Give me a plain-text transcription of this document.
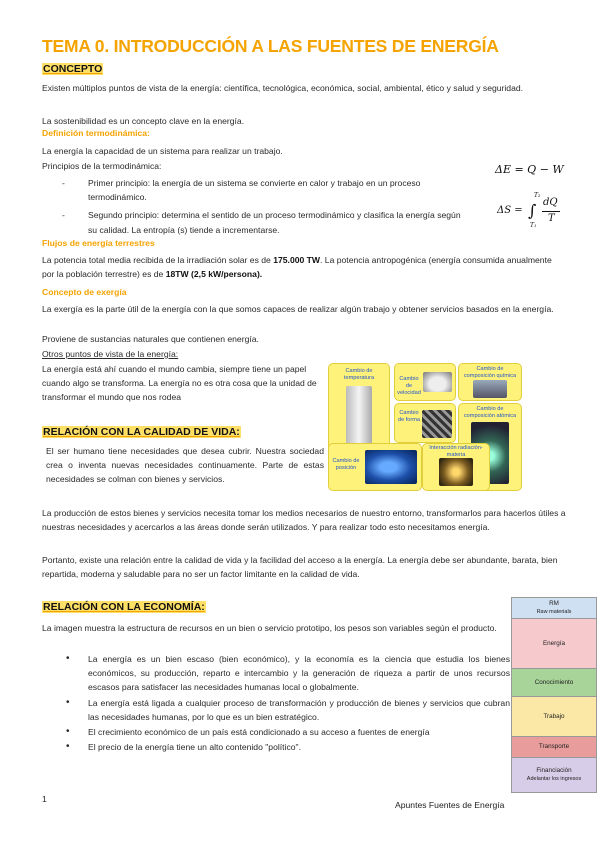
TEMA 0. INTRODUCCIÓN A LAS FUENTES DE ENERGÍA
CONCEPTO
Existen múltiplos puntos de vista de la energía: científica, tecnológica, económica, social, ambiental, ético y salud y seguridad.
La sostenibilidad es un concepto clave en la energía.
Definición termodinámica:
La energía la capacidad de un sistema para realizar un trabajo.
Principios de la termodinámica:
- Primer principio: la energía de un sistema se convierte en calor y trabajo en un proceso termodinámico.
- Segundo principio: determina el sentido de un proceso termodinámico y clasifica la energía según su calidad. La entropía (s) tiende a incrementarse.
ΔE = Q − W
ΔS = ∫
T₂
T₁
dQ
T
Flujos de energía terrestres
La potencia total media recibida de la irradiación solar es de 175.000 TW. La potencia antropogénica (energía consumida anualmente por la población terrestre) es de 18TW (2,5 kW/persona).
Concepto de exergía
La exergía es la parte útil de la energía con la que somos capaces de realizar algún trabajo y obtener servicios basados en la energía.
Proviene de sustancias naturales que contienen energía.
Otros puntos de vista de la energía:
La energía está ahí cuando el mundo cambia, siempre tiene un papel cuando algo se transforma. La energía no es otra cosa que la unidad de transformar el mundo que nos rodea
Cambio de temperatura	Cambio de velocidad
Cambio de composición química
Cambio de forma
Cambio de composición atómica
Cambio de posición
Interacción radiación-materia
RELACIÓN CON LA CALIDAD DE VIDA:
El ser humano tiene necesidades que desea cubrir. Nuestra sociedad crea o inventa nuevas necesidades continuamente. Parte de estas necesidades se colman con bienes y servicios.
La producción de estos bienes y servicios necesita tomar los medios necesarios de nuestro entorno, transformarlos para hacerlos útiles a nuestras necesidades y acercarlos a las áreas donde serán utilizados. Y para realizar todo esto necesitamos energía.
Portanto, existe una relación entre la calidad de vida y la facilidad del acceso a la energía. La energía debe ser abundante, barata, bien repartida, moderna y saludable para no ser un factor limitante en la calidad de vida.
RELACIÓN CON LA ECONOMÍA:
La imagen muestra la estructura de recursos en un bien o servicio prototipo, los pesos son variables según el producto.
• La energía es un bien escaso (bien económico), y la economía es la ciencia que estudia los bienes económicos, su producción, reparto e intercambio y la generación de riqueza a partir de unos recursos escasos para satisfacer las necesidades humanas local o globalmente.
• La energía está ligada a cualquier proceso de transformación y producción de bienes y servicios que cubran las necesidades humanas, por lo que es un bien estratégico.
• El crecimiento económico de un país está condicionado a su acceso a fuentes de energía
• El precio de la energía tiene un alto contenido "político".
RM
Raw materials
Energía
Conocimiento
Trabajo
Transporte
Financiación
Adelantar los ingresos
1
Apuntes Fuentes de Energía
